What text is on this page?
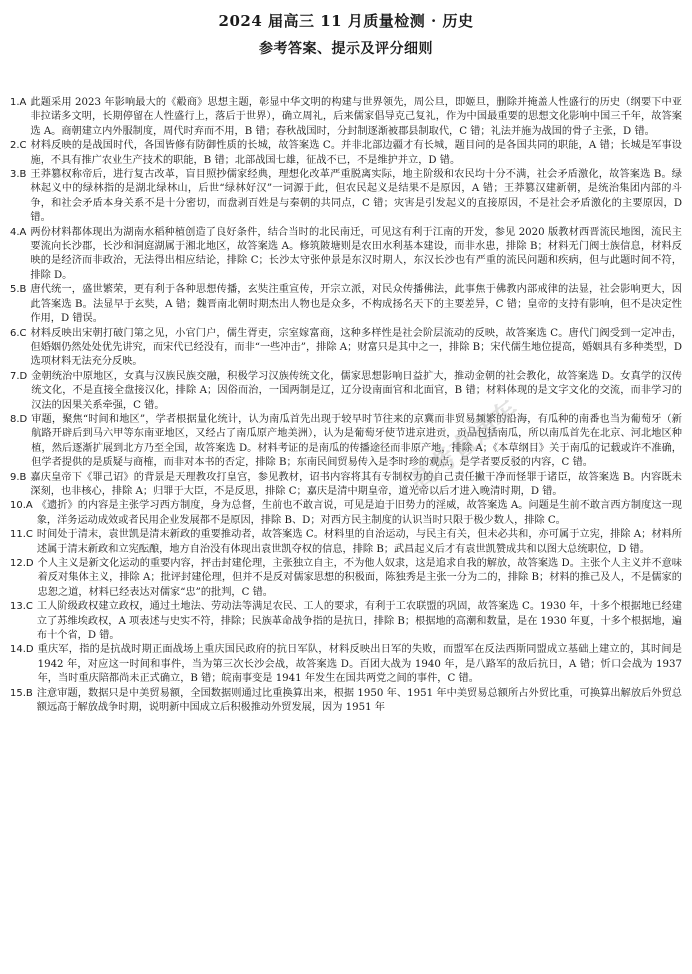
2024 届高三 11 月质量检测 · 历史
参考答案、提示及评分细则
1.A 此题采用 2023 年影响最大的《觳商》思想主题，彰显中华文明的构建与世界领先，周公旦，即姬旦，删除并掩盖人性盛行的历史（纲要下中亚非拉诺多文明，长期停留在人性盛行上，落后于世界），确立周礼，后来儒家倡导克己复礼，作为中国最重要的思想文化影响中国三千年，故答案选 A。商朝建立内外服制度，周代时弃而不用，B 错；春秋战国时，分封制逐渐被郡县制取代，C 错；礼法并施为战国的骨子主张，D 错。
2.C 材料反映的是战国时代，各国皆修有防御性质的长城，故答案选 C。并非北部边疆才有长城，题目问的是各国共同的职能，A 错；长城是军事设施，不具有推广农业生产技术的职能，B 错；北部战国七雄，征战不已，不是维护并立，D 错。
3.B 王莽篡权称帝后，进行复古改革，盲目照抄儒家经典，理想化改革严重脱离实际，地主阶级和农民均十分不满，社会矛盾激化，故答案选 B。绿林起义中的绿林指的是湖北绿林山，后世“绿林好汉”一词源于此，但农民起义是结果不是原因，A 错；王莽篡汉建新朝，是统治集团内部的斗争，和社会矛盾本身关系不是十分密切，而盘剥百姓是与秦朝的共同点，C 错；灾害是引发起义的直接原因，不是社会矛盾激化的主要原因，D 错。
4.A 两份材料都体现出为湖南水稻种植创造了良好条件，结合当时的北民南迁，可见这有利于江南的开发，参见 2020 版教材西晋流民地图，流民主要流向长沙郡，长沙和洞庭湖属于湘北地区，故答案选 A。修筑陂塘则是农田水利基本建设，而非水患，排除 B；材料无门阀士族信息，材料反映的是经济而非政治，无法得出相应结论，排除 C；长沙太守张仲景是东汉时期人，东汉长沙也有严重的流民问题和疾病，但与此题时间不符，排除 D。
5.B 唐代统一，盛世繁荣，更有利于各种思想传播，玄奘注重宣传，开宗立派，对民众传播佛法，此事焦于佛教内部戒律的法显，社会影响更大，因此答案选 B。法显早于玄奘，A 错；魏晋南北朝时期杰出人物也是众多，不构成扬名天下的主要差异，C 错；皇帝的支持有影响，但不是决定性作用，D 错误。
6.C 材料反映出宋朝打破门第之见，小官门户，儒生胥吏，宗室嫁富商，这种多样性是社会阶层流动的反映，故答案选 C。唐代门阀受到一定冲击，但婚姻仍然处处优先讲究，而宋代已经没有，而非“一些冲击”，排除 A；财富只是其中之一，排除 B；宋代儒生地位提高，婚姻具有多种类型，D 选项材料无法充分反映。
7.D 金朝统治中原地区，女真与汉族民族交融，积极学习汉族传统文化，儒家思想影响日益扩大，推动金朝的社会教化，故答案选 D。女真学的汉传统文化，不是直接全盘接汉化，排除 A；因俗而治，一国两制是辽，辽分设南面官和北面官，B 错；材料体现的是文字文化的交流，而非学习的汉法的因果关系牵强，C 错。
8.D 审题，聚焦“时间和地区”，学者根据量化统计，认为南瓜首先出现于较早时节往来的京冀而非贸易频繁的沿海，有瓜种的南番也当为葡萄牙（新航路开辟后到马六甲等东南亚地区，又经占了南瓜原产地美洲），认为是葡萄牙使节进京进贡，贡品包括南瓜，所以南瓜首先在北京、河北地区种植，然后逐渐扩展到北方乃至全国，故答案选 D。材料考证的是南瓜的传播途径而非原产地，排除 A；《本草纲目》关于南瓜的记载或许不准确，但学者提供的是质疑与商榷，而非对本书的否定，排除 B；东南民间贸易传入是李时珍的观点，是学者要反驳的内容，C 错。
9.B 嘉庆皇帝下《罪己诏》的背景是天理教攻打皇宫，参见教材，诏书内容将其有专制权力的自己责任撇干净而怪罪于诸臣，故答案选 B。内容既未深刻，也非核心，排除 A；归罪于大臣，不是反思，排除 C；嘉庆是清中期皇帝，道光帝以后才进入晚清时期，D 错。
10.A 《遗折》的内容是主张学习西方制度，身为总督，生前也不敢言说，可见是迫于旧势力的淫威，故答案选 A。问题是生前不敢言西方制度这一现象，洋务运动成效或者民用企业发展都不是原因，排除 B、D；对西方民主制度的认识当时只限于极少数人，排除 C。
11.C 时间处于清末，袁世凯是清末新政的重要推动者，故答案选 C。材料里的自治运动，与民主有关，但未必共和，亦可属于立宪，排除 A；材料所述属于清末新政和立宪酝酿，地方自治没有体现出袁世凯夺权的信息，排除 B；武昌起义后才有袁世凯赞成共和以图大总统职位，D 错。
12.D 个人主义是新文化运动的重要内容，抨击封建伦理，主张独立自主，不为他人奴隶，这是追求自我的解放，故答案选 D。主张个人主义并不意味着反对集体主义，排除 A；批评封建伦理，但并不是反对儒家思想的积极面，陈独秀是主张一分为二的，排除 B；材料的推己及人，不是儒家的忠恕之道，材料已经表达对儒家“忠”的批判，C 错。
13.C 工人阶级政权建立政权，通过土地法、劳动法等满足农民、工人的要求，有利于工农联盟的巩固，故答案选 C。1930 年，十多个根据地已经建立了苏维埃政权，A 项表述与史实不符，排除；民族革命战争指的是抗日，排除 B；根据地的高潮和数量，是在 1930 年夏，十多个根据地，遍布十个省，D 错。
14.D 重庆军，指的是抗战时期正面战场上重庆国民政府的抗日军队，材料反映出日军的失败，而盟军在反法西斯同盟成立基础上建立的，其时间是 1942 年，对应这一时间和事件，当为第三次长沙会战，故答案选 D。百团大战为 1940 年，是八路军的敌后抗日，A 错；忻口会战为 1937 年，当时重庆陪都尚未正式确立，B 错；皖南事变是 1941 年发生在国共两党之间的事件，C 错。
15.B 注意审题，数据只是中美贸易额，全国数据则通过比重换算出来，根据 1950 年、1951 年中美贸易总额所占外贸比重，可换算出解放后外贸总额远高于解放战争时期，说明新中国成立后积极推动外贸发展，因为 1951 年
高考直通车
